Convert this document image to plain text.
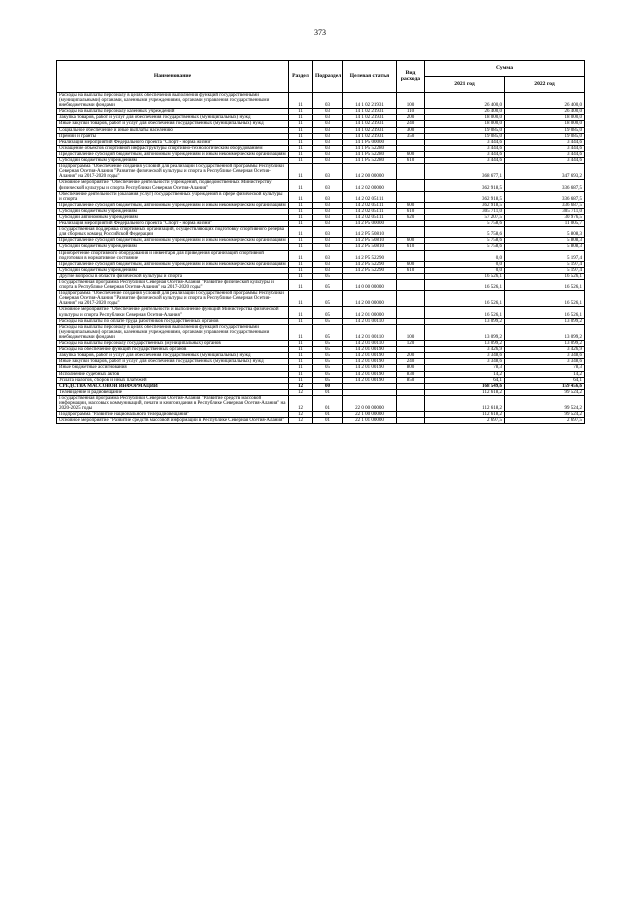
373
Наименование	Раздел	Подраздел	Целевая статья	Вид расхода	Сумма	
					2021 год	2022 год
Расходы на выплаты персоналу в целях обеспечения выполнения функций государственными (муниципальными) органами, казенными учреждениями, органами управления государственными внебюджетными фондами	11	03	14 1 02 21931	100	26 400,0	26 400,0
Расходы на выплаты персоналу казенных учреждений	11	03	14 1 02 21931	110	26 400,0	26 400,0
Закупка товаров, работ и услуг для обеспечения государственных (муниципальных) нужд	11	03	14 1 02 21931	200	18 000,0	18 000,0
Иные закупки товаров, работ и услуг для обеспечения государственных (муниципальных) нужд	11	03	14 1 02 21931	240	18 000,0	18 000,0
Социальное обеспечение и иные выплаты населению	11	03	14 1 02 21931	300	19 085,0	19 085,0
Премии и гранты	11	03	14 1 02 21931	350	19 085,0	19 085,0
Реализация мероприятий Федерального проекта "Спорт - норма жизни"	11	03	14 1 P5 00000		3 444,6	3 444,6
Оснащение объектов спортивной инфраструктуры спортивно-технологическим оборудованием	11	03	14 1 P5 52280		3 444,6	3 444,6
Предоставление субсидий бюджетным, автономным учреждениям и иным некоммерческим организациям	11	03	14 1 P5 52280	600	3 444,6	3 444,6
Субсидии бюджетным учреждениям	11	03	14 1 P5 52280	610	3 444,6	3 444,6
Подпрограмма "Обеспечение создания условий для реализации Государственной программы Республики Северная Осетия-Алания "Развитие физической культуры и спорта в Республике Северная Осетия-Алания" на 2017-2020 годы"	11	03	14 2 00 00000		368 677,1	347 693,2
Основное мероприятие "Обеспечение деятельности учреждений, подведомственных Министерству физической культуры и спорта Республики Северная Осетия-Алания"	11	03	14 2 02 00000		362 918,5	336 687,5
Обеспечение деятельности (оказания услуг) государственных учреждений в сфере физической культуры и спорта	11	03	14 2 02 05111		362 918,5	336 687,5
Предоставление субсидий бюджетным, автономным учреждениям и иным некоммерческим организациям	11	03	14 2 02 05111	600	362 918,5	336 687,5
Субсидии бюджетным учреждениям	11	03	14 2 02 05111	610	305 711,0	305 711,0
Субсидии автономным учреждениям	11	03	14 2 02 05111	620	57 207,5	30 976,5
Реализация мероприятий Федерального проекта "Спорт - норма жизни"	11	03	14 2 P5 00000		5 758,6	11 005,7
Государственная поддержка спортивных организаций, осуществляющих подготовку спортивного резерва для сборных команд Российской Федерации	11	03	14 2 P5 50810		5 758,6	5 808,3
Предоставление субсидий бюджетным, автономным учреждениям и иным некоммерческим организациям	11	03	14 2 P5 50810	600	5 758,6	5 808,3
Субсидии бюджетным учреждениям	11	03	14 2 P5 50810	610	5 758,6	5 808,3
Приобретение спортивного оборудования и инвентаря для приведения организаций спортивной подготовки в нормативное состояние	11	03	14 2 P5 52290		0,0	5 197,4
Предоставление субсидий бюджетным, автономным учреждениям и иным некоммерческим организациям	11	03	14 2 P5 52290	600	0,0	5 197,4
Субсидии бюджетным учреждениям	11	03	14 2 P5 52290	610	0,0	5 197,4
Другие вопросы в области физической культуры и спорта	11	05			16 526,1	16 526,1
Государственная программа Республики Северная Осетия-Алания "Развитие физической культуры и спорта в Республике Северная Осетия-Алания" на 2017-2020 годы"	11	05	14 0 00 00000		16 526,1	16 526,1
Подпрограмма "Обеспечение создания условий для реализации Государственной программы Республики Северная Осетия-Алания "Развитие физической культуры и спорта в Республике Северная Осетия-Алания" на 2017-2020 годы"	11	05	14 2 00 00000		16 526,1	16 526,1
Основное мероприятие "Обеспечение деятельности и выполнение функций Министерства физической культуры и спорта Республики Северная Осетия-Алания"	11	05	14 2 01 00000		16 526,1	16 526,1
Расходы на выплаты по оплате труда работников государственных органов	11	05	14 2 01 00110		13 099,2	13 099,2
Расходы на выплаты персоналу в целях обеспечения выполнения функций государственными (муниципальными) органами, казенными учреждениями, органами управления государственными внебюджетными фондами	11	05	14 2 01 00110	100	13 099,2	13 099,2
Расходы на выплаты персоналу государственных (муниципальных) органов	11	05	14 2 01 00110	120	13 099,2	13 099,2
Расходы на обеспечение функций государственных органов	11	05	14 2 01 00190		3 426,9	3 426,9
Закупка товаров, работ и услуг для обеспечения государственных (муниципальных) нужд	11	05	14 2 01 00190	200	3 348,6	3 348,6
Иные закупки товаров, работ и услуг для обеспечения государственных (муниципальных) нужд	11	05	14 2 01 00190	240	3 348,6	3 348,6
Иные бюджетные ассигнования	11	05	14 2 01 00190	800	78,3	78,3
Исполнение судебных актов	11	05	14 2 01 00190	830	14,2	14,2
Уплата налогов, сборов и иных платежей	11	05	14 2 01 00190	850	64,1	64,1
СРЕДСТВА МАССОВОЙ ИНФОРМАЦИИ	12	00			168 549,6	159 456,6
Телевидение и радиовещание	12	01			112 618,2	99 524,2
Государственная программа Республики Северная Осетия-Алания "Развитие средств массовой информации, массовых коммуникаций, печати и книгоиздания в Республике Северная Осетия-Алания" на 2020-2025 годы	12	01	22 0 00 00000		112 618,2	99 524,2
Подпрограмма "Развитие национального телерадиовещания"	12	01	22 1 00 00000		112 618,2	99 524,2
Основное мероприятие "Развитие средств массовой информации в Республике Северная Осетия-Алания"	12	01	22 1 01 00000		2 697,5	2 697,5
